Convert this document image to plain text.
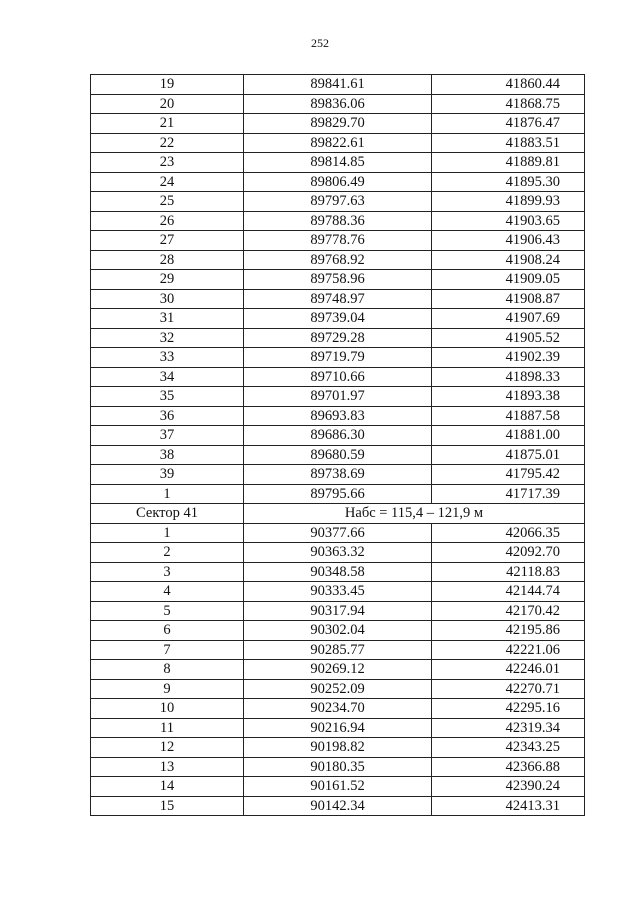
252
19	89841.61	41860.44
20	89836.06	41868.75
21	89829.70	41876.47
22	89822.61	41883.51
23	89814.85	41889.81
24	89806.49	41895.30
25	89797.63	41899.93
26	89788.36	41903.65
27	89778.76	41906.43
28	89768.92	41908.24
29	89758.96	41909.05
30	89748.97	41908.87
31	89739.04	41907.69
32	89729.28	41905.52
33	89719.79	41902.39
34	89710.66	41898.33
35	89701.97	41893.38
36	89693.83	41887.58
37	89686.30	41881.00
38	89680.59	41875.01
39	89738.69	41795.42
1	89795.66	41717.39
Сектор 41	Набс = 115,4 – 121,9 м	
1	90377.66	42066.35
2	90363.32	42092.70
3	90348.58	42118.83
4	90333.45	42144.74
5	90317.94	42170.42
6	90302.04	42195.86
7	90285.77	42221.06
8	90269.12	42246.01
9	90252.09	42270.71
10	90234.70	42295.16
11	90216.94	42319.34
12	90198.82	42343.25
13	90180.35	42366.88
14	90161.52	42390.24
15	90142.34	42413.31
